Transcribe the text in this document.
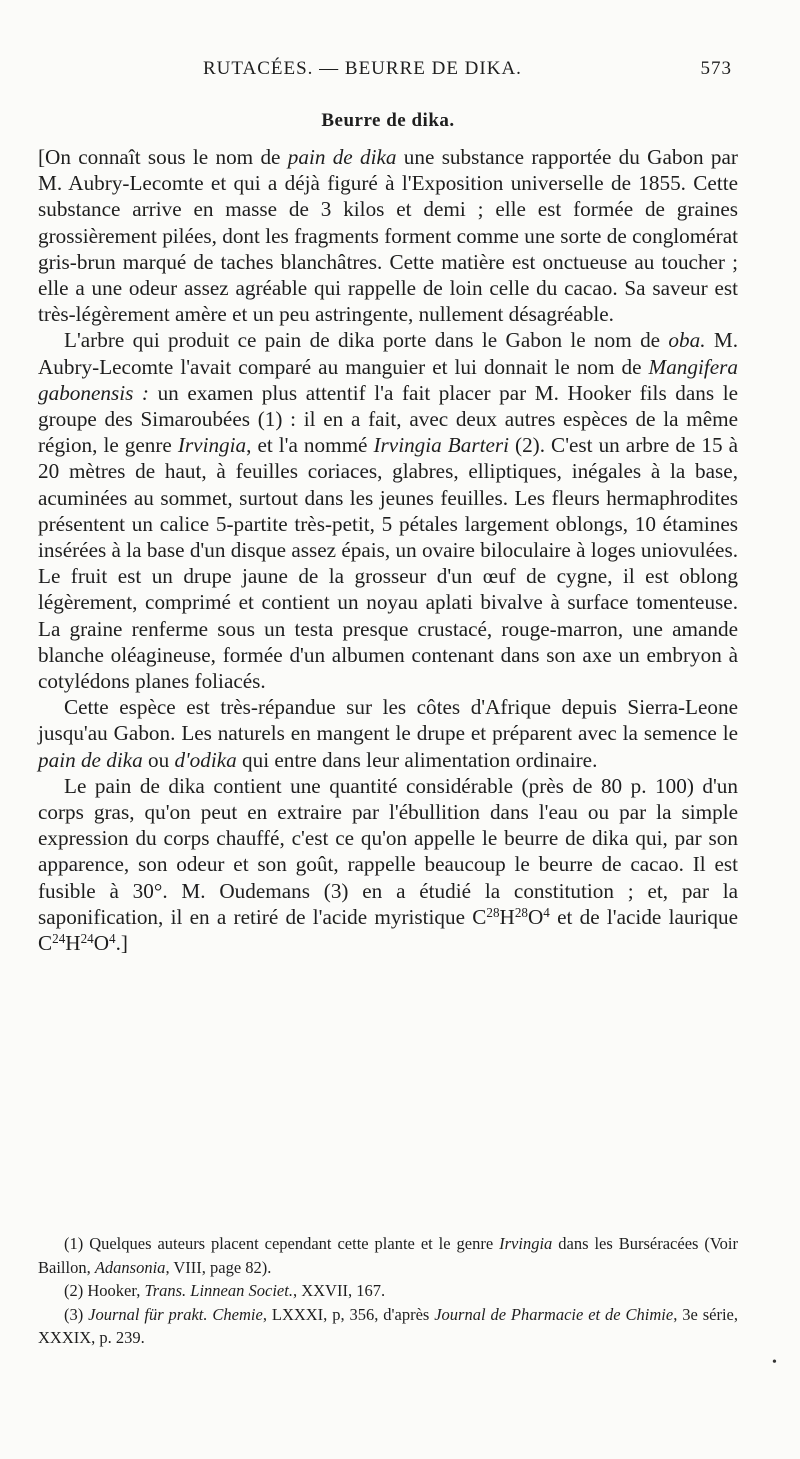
RUTACÉES. — BEURRE DE DIKA.	573
Beurre de dika.

[On connaît sous le nom de pain de dika une substance rapportée du Gabon par M. Aubry-Lecomte et qui a déjà figuré à l'Exposition universelle de 1855. Cette substance arrive en masse de 3 kilos et demi ; elle est formée de graines grossièrement pilées, dont les fragments forment comme une sorte de conglomérat gris-brun marqué de taches blanchâtres. Cette matière est onctueuse au toucher ; elle a une odeur assez agréable qui rappelle de loin celle du cacao. Sa saveur est très-légèrement amère et un peu astringente, nullement désagréable.

L'arbre qui produit ce pain de dika porte dans le Gabon le nom de oba. M. Aubry-Lecomte l'avait comparé au manguier et lui donnait le nom de Mangifera gabonensis : un examen plus attentif l'a fait placer par M. Hooker fils dans le groupe des Simaroubées (1) : il en a fait, avec deux autres espèces de la même région, le genre Irvingia, et l'a nommé Irvingia Barteri (2). C'est un arbre de 15 à 20 mètres de haut, à feuilles coriaces, glabres, elliptiques, inégales à la base, acuminées au sommet, surtout dans les jeunes feuilles. Les fleurs hermaphrodites présentent un calice 5-partite très-petit, 5 pétales largement oblongs, 10 étamines insérées à la base d'un disque assez épais, un ovaire biloculaire à loges uniovulées. Le fruit est un drupe jaune de la grosseur d'un œuf de cygne, il est oblong légèrement, comprimé et contient un noyau aplati bivalve à surface tomenteuse. La graine renferme sous un testa presque crustacé, rouge-marron, une amande blanche oléagineuse, formée d'un albumen contenant dans son axe un embryon à cotylédons planes foliacés.

Cette espèce est très-répandue sur les côtes d'Afrique depuis Sierra-Leone jusqu'au Gabon. Les naturels en mangent le drupe et préparent avec la semence le pain de dika ou d'odika qui entre dans leur alimentation ordinaire.

Le pain de dika contient une quantité considérable (près de 80 p. 100) d'un corps gras, qu'on peut en extraire par l'ébullition dans l'eau ou par la simple expression du corps chauffé, c'est ce qu'on appelle le beurre de dika qui, par son apparence, son odeur et son goût, rappelle beaucoup le beurre de cacao. Il est fusible à 30°. M. Oudemans (3) en a étudié la constitution ; et, par la saponification, il en a retiré de l'acide myristique $C^{28}H^{28}O^4$ et de l'acide laurique $C^{24}H^{24}O^4$.]

(1) Quelques auteurs placent cependant cette plante et le genre Irvingia dans les Burséracées (Voir Baillon, Adansonia, VIII, page 82).

(2) Hooker, Trans. Linnean Societ., XXVII, 167.

(3) Journal für prakt. Chemie, LXXXI, p, 356, d'après Journal de Pharmacie et de Chimie, 3e série, XXXIX, p. 239.

•
